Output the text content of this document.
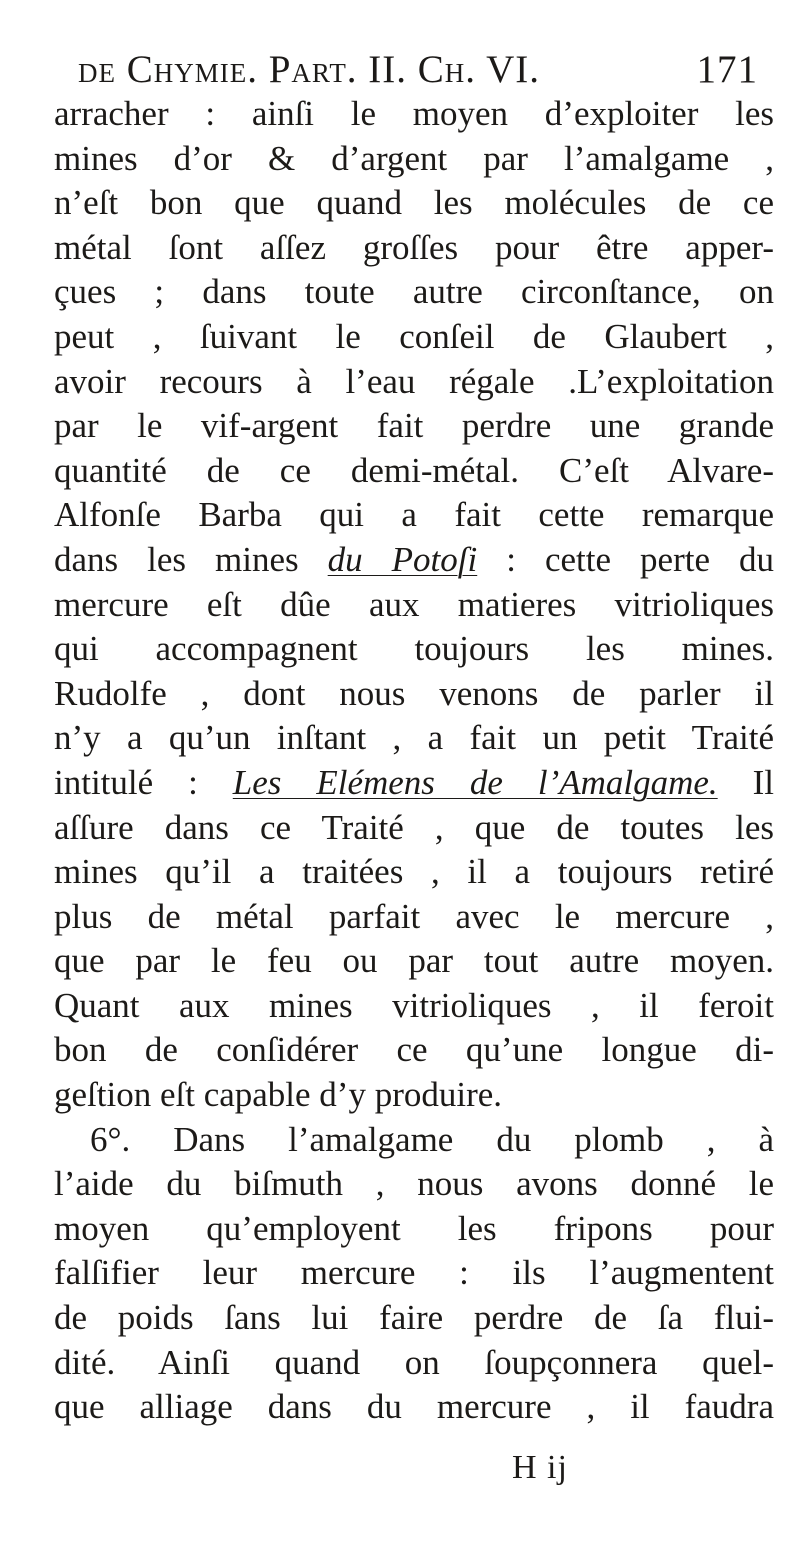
de Chymie. Part. II. Ch. VI.	171
arracher : ainſi le moyen d’exploiter les
mines d’or & d’argent par l’amalgame ,
n’eſt bon que quand les molécules de ce
métal ſont aſſez groſſes pour être apper-
çues ; dans toute autre circonſtance, on
peut , ſuivant le conſeil de Glaubert ,
avoir recours à l’eau régale .L’exploitation
par le vif-argent fait perdre une grande
quantité de ce demi-métal. C’eſt Alvare-
Alfonſe Barba qui a fait cette remarque
dans les mines du Potoſi : cette perte du
mercure eſt dûe aux matieres vitrioliques
qui accompagnent toujours les mines.
Rudolfe , dont nous venons de parler il
n’y a qu’un inſtant , a fait un petit Traité
intitulé : Les Elémens de l’Amalgame. Il
aſſure dans ce Traité , que de toutes les
mines qu’il a traitées , il a toujours retiré
plus de métal parfait avec le mercure ,
que par le feu ou par tout autre moyen.
Quant aux mines vitrioliques , il feroit
bon de conſidérer ce qu’une longue di-
geſtion eſt capable d’y produire.
6°. Dans l’amalgame du plomb , à
l’aide du biſmuth , nous avons donné le
moyen qu’employent les fripons pour
falſifier leur mercure : ils l’augmentent
de poids ſans lui faire perdre de ſa flui-
dité. Ainſi quand on ſoupçonnera quel-
que alliage dans du mercure , il faudra
H ij
